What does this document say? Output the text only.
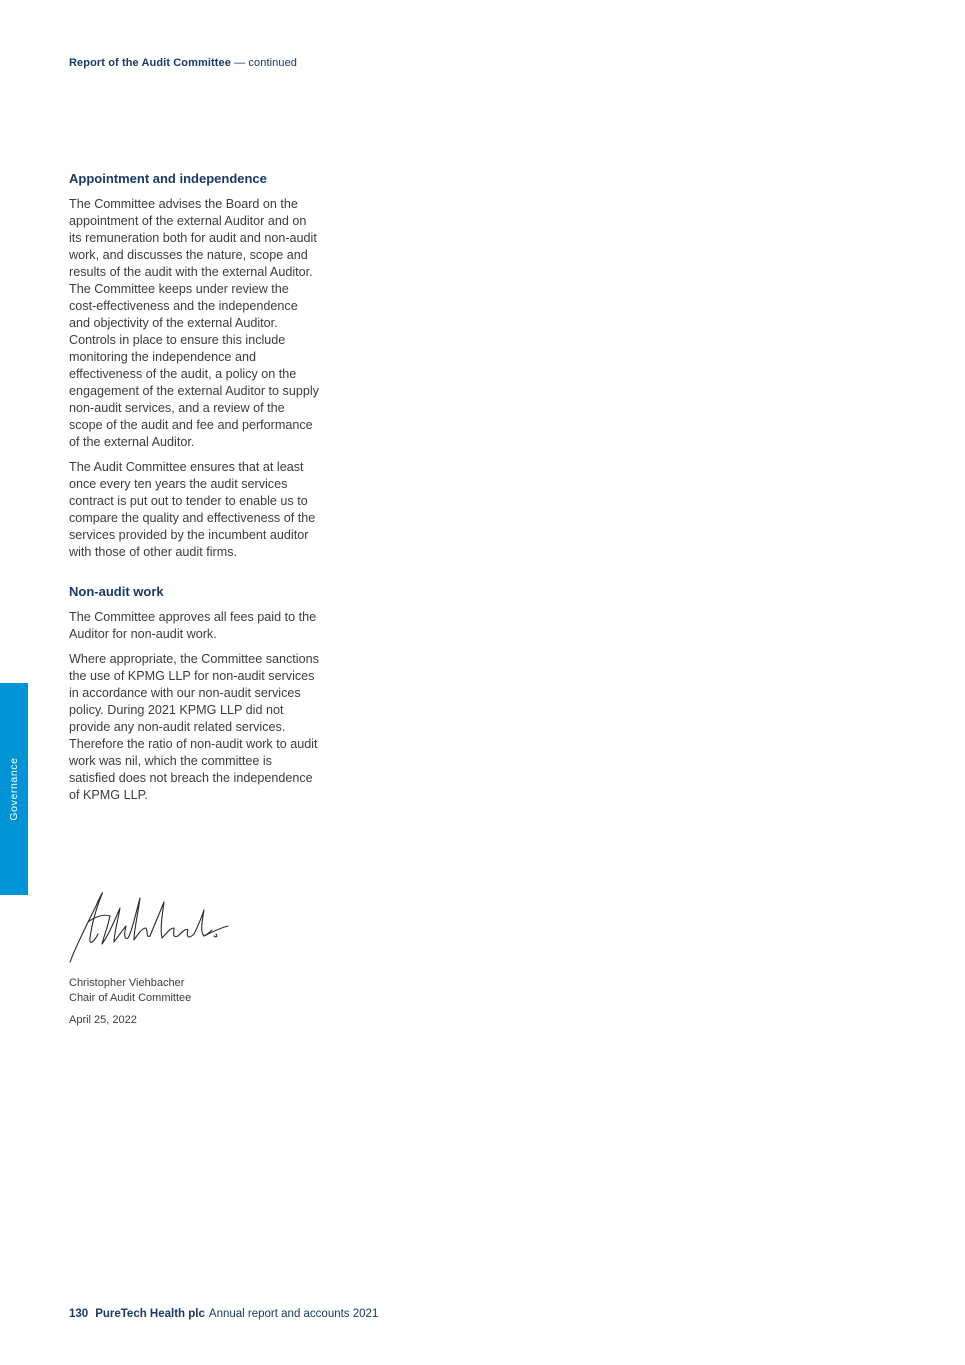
Report of the Audit Committee — continued
Appointment and independence

The Committee advises the Board on the appointment of the external Auditor and on its remuneration both for audit and non-audit work, and discusses the nature, scope and results of the audit with the external Auditor. The Committee keeps under review the cost-effectiveness and the independence and objectivity of the external Auditor. Controls in place to ensure this include monitoring the independence and effectiveness of the audit, a policy on the engagement of the external Auditor to supply non-audit services, and a review of the scope of the audit and fee and performance of the external Auditor.

The Audit Committee ensures that at least once every ten years the audit services contract is put out to tender to enable us to compare the quality and effectiveness of the services provided by the incumbent auditor with those of other audit firms.

Non-audit work

The Committee approves all fees paid to the Auditor for non-audit work.

Where appropriate, the Committee sanctions the use of KPMG LLP for non-audit services in accordance with our non-audit services policy. During 2021 KPMG LLP did not provide any non-audit related services. Therefore the ratio of non-audit work to audit work was nil, which the committee is satisfied does not breach the independence of KPMG LLP.

Governance
Christopher Viehbacher
Chair of Audit Committee
April 25, 2022
130 PureTech Health plc Annual report and accounts 2021
